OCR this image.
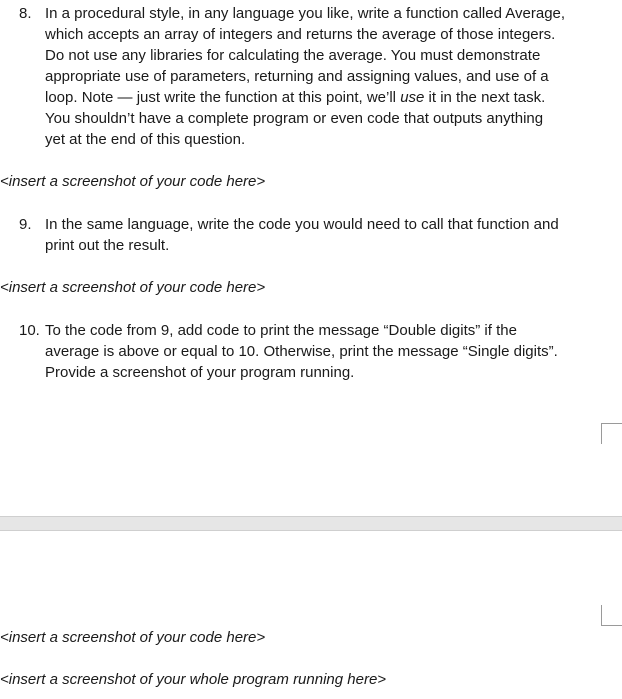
8. In a procedural style, in any language you like, write a function called Average,

which accepts an array of integers and returns the average of those integers.

Do not use any libraries for calculating the average. You must demonstrate

appropriate use of parameters, returning and assigning values, and use of a

loop. Note — just write the function at this point, we’ll use it in the next task.

You shouldn’t have a complete program or even code that outputs anything

yet at the end of this question.

<insert a screenshot of your code here>
9. In the same language, write the code you would need to call that function and

print out the result.

<insert a screenshot of your code here>
10. To the code from 9, add code to print the message “Double digits” if the

average is above or equal to 10. Otherwise, print the message “Single digits”.

Provide a screenshot of your program running.

<insert a screenshot of your code here>
<insert a screenshot of your whole program running here>
